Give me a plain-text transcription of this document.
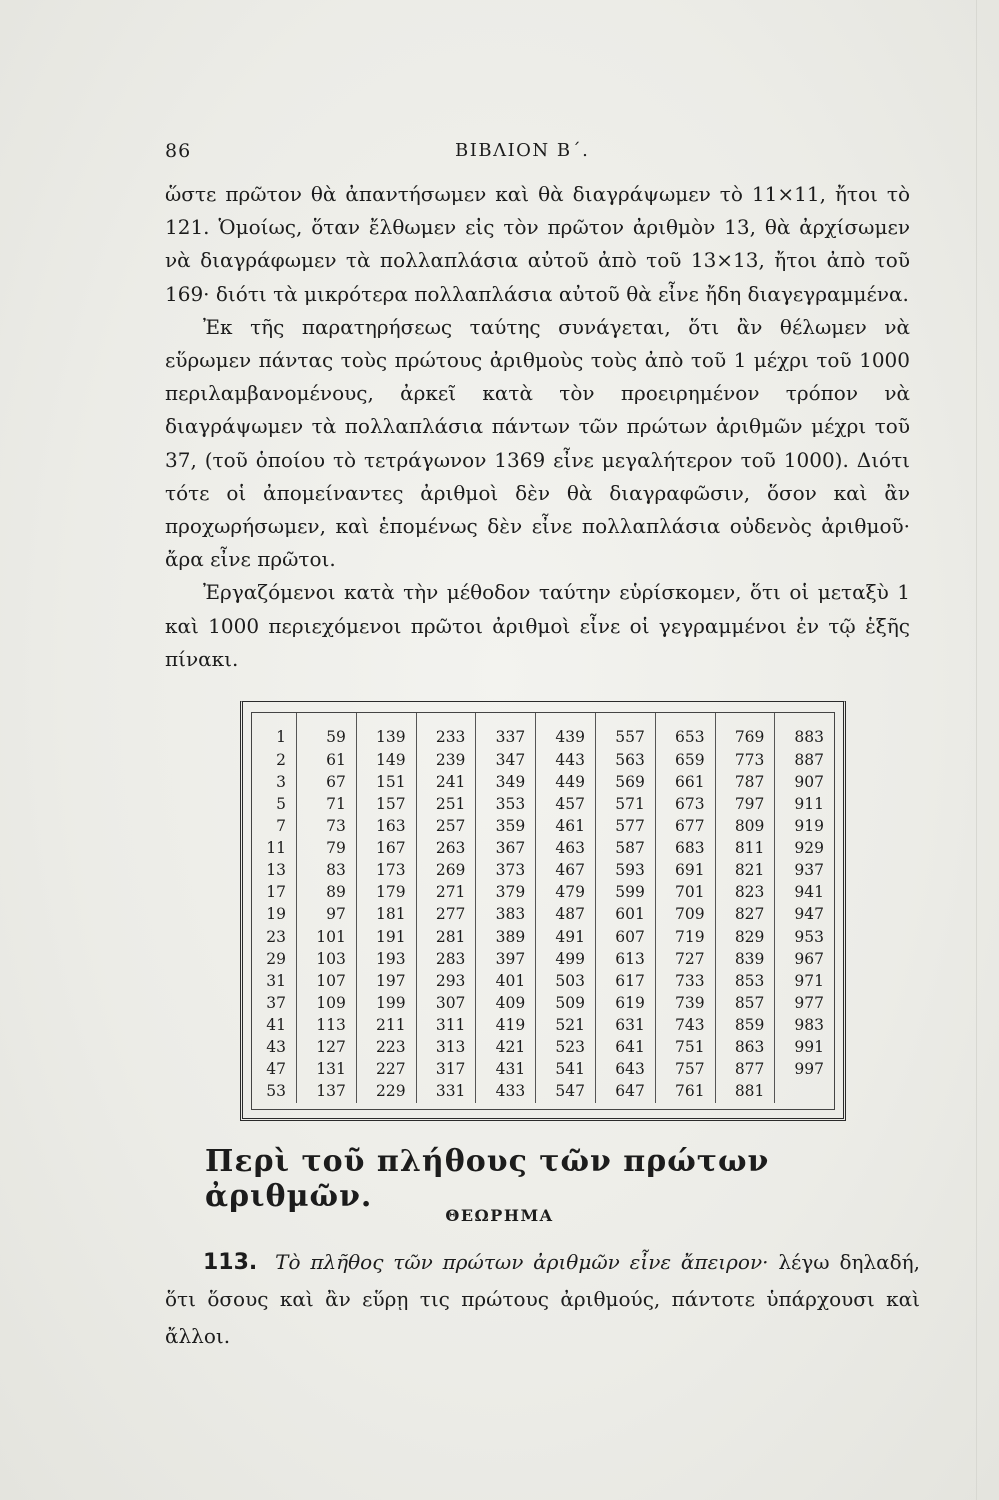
86	ΒΙΒΛΙΟΝ Β΄.

ὥστε πρῶτον θὰ ἀπαντήσωμεν καὶ θὰ διαγράψωμεν τὸ 11×11, ἤτοι τὸ 121. Ὁμοίως, ὅταν ἔλθωμεν εἰς τὸν πρῶτον ἀριθμὸν 13, θὰ ἀρχίσωμεν νὰ διαγράφωμεν τὰ πολλαπλάσια αὐτοῦ ἀπὸ τοῦ 13×13, ἤτοι ἀπὸ τοῦ 169· διότι τὰ μικρότερα πολλαπλάσια αὐτοῦ θὰ εἶνε ἤδη διαγεγραμμένα.

Ἐκ τῆς παρατηρήσεως ταύτης συνάγεται, ὅτι ἂν θέλωμεν νὰ εὕρωμεν πάντας τοὺς πρώτους ἀριθμοὺς τοὺς ἀπὸ τοῦ 1 μέχρι τοῦ 1000 περιλαμβανομένους, ἀρκεῖ κατὰ τὸν προειρημένον τρόπον νὰ διαγράψωμεν τὰ πολλαπλάσια πάντων τῶν πρώτων ἀριθμῶν μέχρι τοῦ 37, (τοῦ ὁποίου τὸ τετράγωνον 1369 εἶνε μεγαλήτερον τοῦ 1000). Διότι τότε οἱ ἀπομείναντες ἀριθμοὶ δὲν θὰ διαγραφῶσιν, ὅσον καὶ ἂν προχωρήσωμεν, καὶ ἑπομένως δὲν εἶνε πολλαπλάσια οὐδενὸς ἀριθμοῦ· ἄρα εἶνε πρῶτοι.

Ἐργαζόμενοι κατὰ τὴν μέθοδον ταύτην εὑρίσκομεν, ὅτι οἱ μεταξὺ 1 καὶ 1000 περιεχόμενοι πρῶτοι ἀριθμοὶ εἶνε οἱ γεγραμμένοι ἐν τῷ ἑξῆς πίνακι.

1	59	139	233	337	439	557	653	769	883
2	61	149	239	347	443	563	659	773	887
3	67	151	241	349	449	569	661	787	907
5	71	157	251	353	457	571	673	797	911
7	73	163	257	359	461	577	677	809	919
11	79	167	263	367	463	587	683	811	929
13	83	173	269	373	467	593	691	821	937
17	89	179	271	379	479	599	701	823	941
19	97	181	277	383	487	601	709	827	947
23	101	191	281	389	491	607	719	829	953
29	103	193	283	397	499	613	727	839	967
31	107	197	293	401	503	617	733	853	971
37	109	199	307	409	509	619	739	857	977
41	113	211	311	419	521	631	743	859	983
43	127	223	313	421	523	641	751	863	991
47	131	227	317	431	541	643	757	877	997
53	137	229	331	433	547	647	761	881	
Περὶ τοῦ πλήθους τῶν πρώτων ἀριθμῶν.
ΘΕΩΡΗΜΑ

113. Τὸ πλῆθος τῶν πρώτων ἀριθμῶν εἶνε ἄπειρον· λέγω δηλαδή, ὅτι ὅσους καὶ ἂν εὕρῃ τις πρώτους ἀριθμούς, πάντοτε ὑπάρχουσι καὶ ἄλλοι.
